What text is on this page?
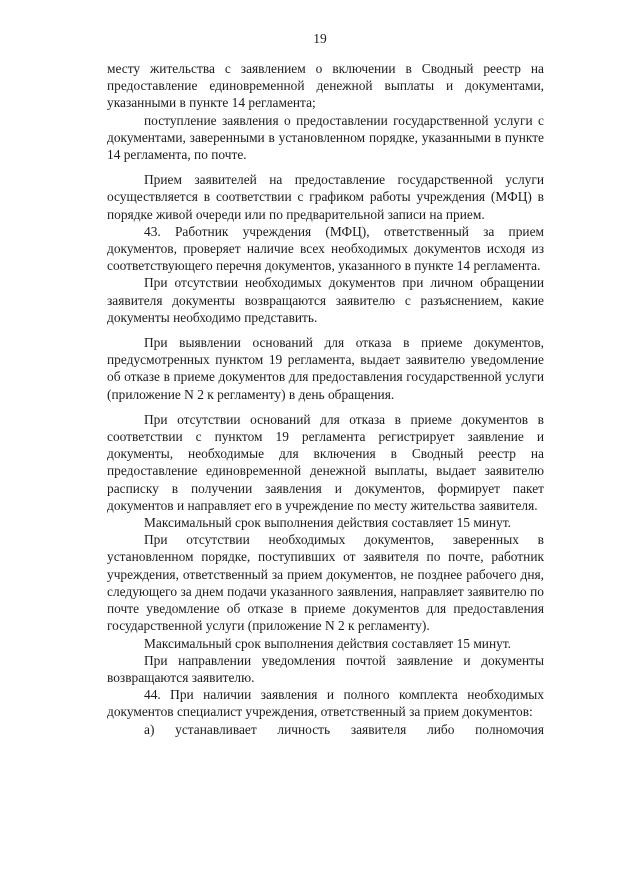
19

месту жительства с заявлением о включении в Сводный реестр на предоставление единовременной денежной выплаты и документами, указанными в пункте 14 регламента;

поступление заявления о предоставлении государственной услуги с документами, заверенными в установленном порядке, указанными в пункте 14 регламента, по почте.

Прием заявителей на предоставление государственной услуги осуществляется в соответствии с графиком работы учреждения (МФЦ) в порядке живой очереди или по предварительной записи на прием.

43. Работник учреждения (МФЦ), ответственный за прием документов, проверяет наличие всех необходимых документов исходя из соответствующего перечня документов, указанного в пункте 14 регламента.

При отсутствии необходимых документов при личном обращении заявителя документы возвращаются заявителю с разъяснением, какие документы необходимо представить.

При выявлении оснований для отказа в приеме документов, предусмотренных пунктом 19 регламента, выдает заявителю уведомление об отказе в приеме документов для предоставления государственной услуги (приложение N 2 к регламенту) в день обращения.

При отсутствии оснований для отказа в приеме документов в соответствии с пунктом 19 регламента регистрирует заявление и документы, необходимые для включения в Сводный реестр на предоставление единовременной денежной выплаты, выдает заявителю расписку в получении заявления и документов, формирует пакет документов и направляет его в учреждение по месту жительства заявителя.

Максимальный срок выполнения действия составляет 15 минут.

При отсутствии необходимых документов, заверенных в установленном порядке, поступивших от заявителя по почте, работник учреждения, ответственный за прием документов, не позднее рабочего дня, следующего за днем подачи указанного заявления, направляет заявителю по почте уведомление об отказе в приеме документов для предоставления государственной услуги (приложение N 2 к регламенту).

Максимальный срок выполнения действия составляет 15 минут.

При направлении уведомления почтой заявление и документы возвращаются заявителю.

44. При наличии заявления и полного комплекта необходимых документов специалист учреждения, ответственный за прием документов:

а) устанавливает личность заявителя либо полномочия
